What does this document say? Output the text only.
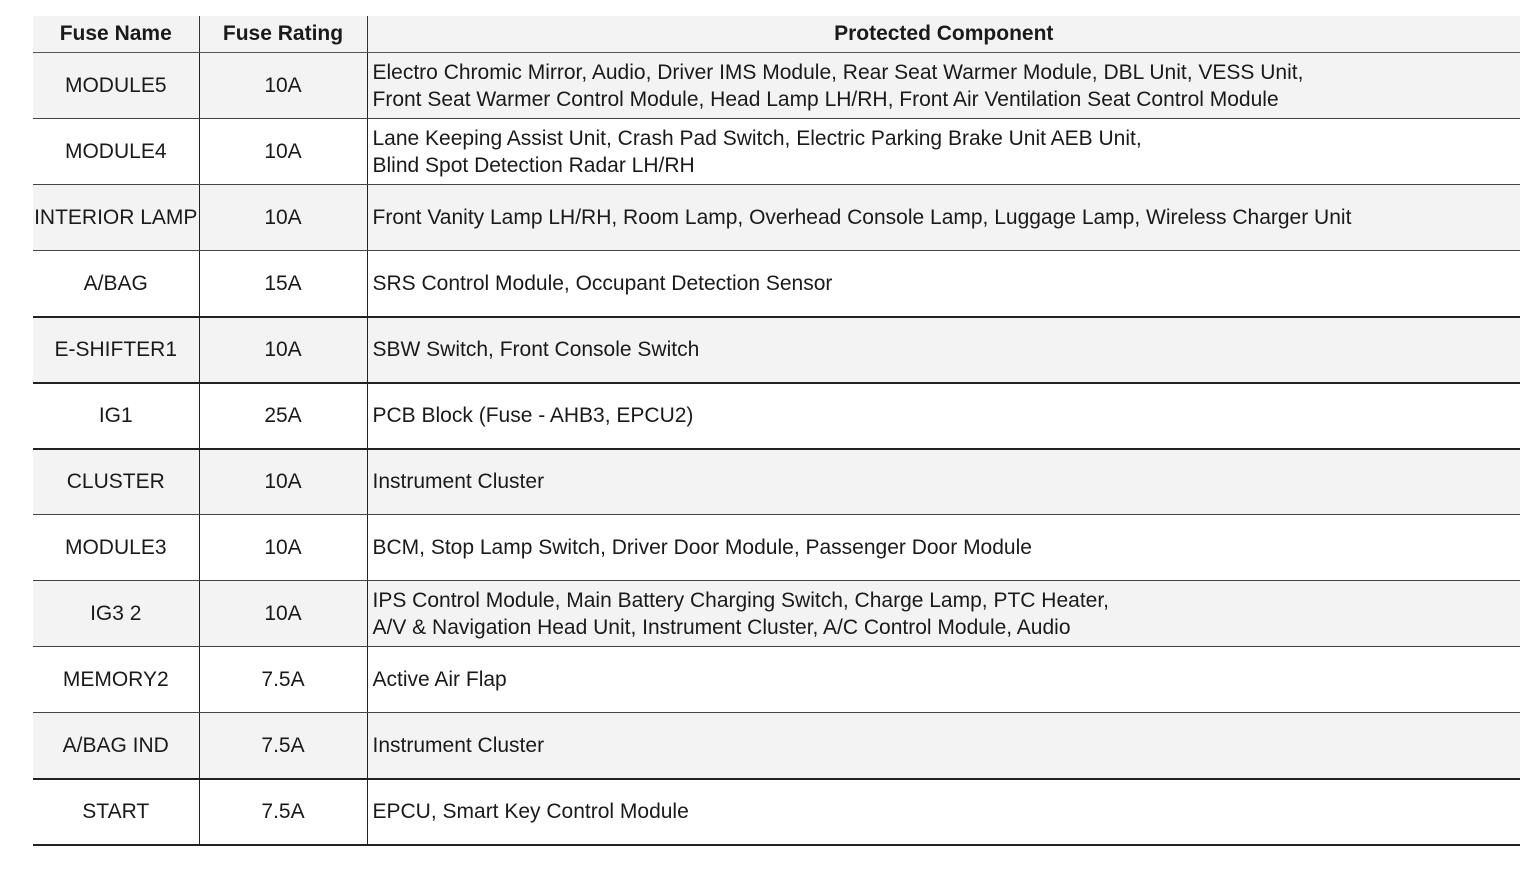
Fuse Name	Fuse Rating	Protected Component
MODULE5	10A	Electro Chromic Mirror, Audio, Driver IMS Module, Rear Seat Warmer Module, DBL Unit, VESS Unit,
Front Seat Warmer Control Module, Head Lamp LH/RH, Front Air Ventilation Seat Control Module

MODULE4	10A	Lane Keeping Assist Unit, Crash Pad Switch, Electric Parking Brake Unit AEB Unit,
Blind Spot Detection Radar LH/RH

INTERIOR LAMP	10A	Front Vanity Lamp LH/RH, Room Lamp, Overhead Console Lamp, Luggage Lamp, Wireless Charger Unit

A/BAG	15A	SRS Control Module, Occupant Detection Sensor

E-SHIFTER1	10A	SBW Switch, Front Console Switch

IG1	25A	PCB Block (Fuse - AHB3, EPCU2)

CLUSTER	10A	Instrument Cluster

MODULE3	10A	BCM, Stop Lamp Switch, Driver Door Module, Passenger Door Module

IG3 2	10A	IPS Control Module, Main Battery Charging Switch, Charge Lamp, PTC Heater,
A/V & Navigation Head Unit, Instrument Cluster, A/C Control Module, Audio

MEMORY2	7.5A	Active Air Flap

A/BAG IND	7.5A	Instrument Cluster

START	7.5A	EPCU, Smart Key Control Module
